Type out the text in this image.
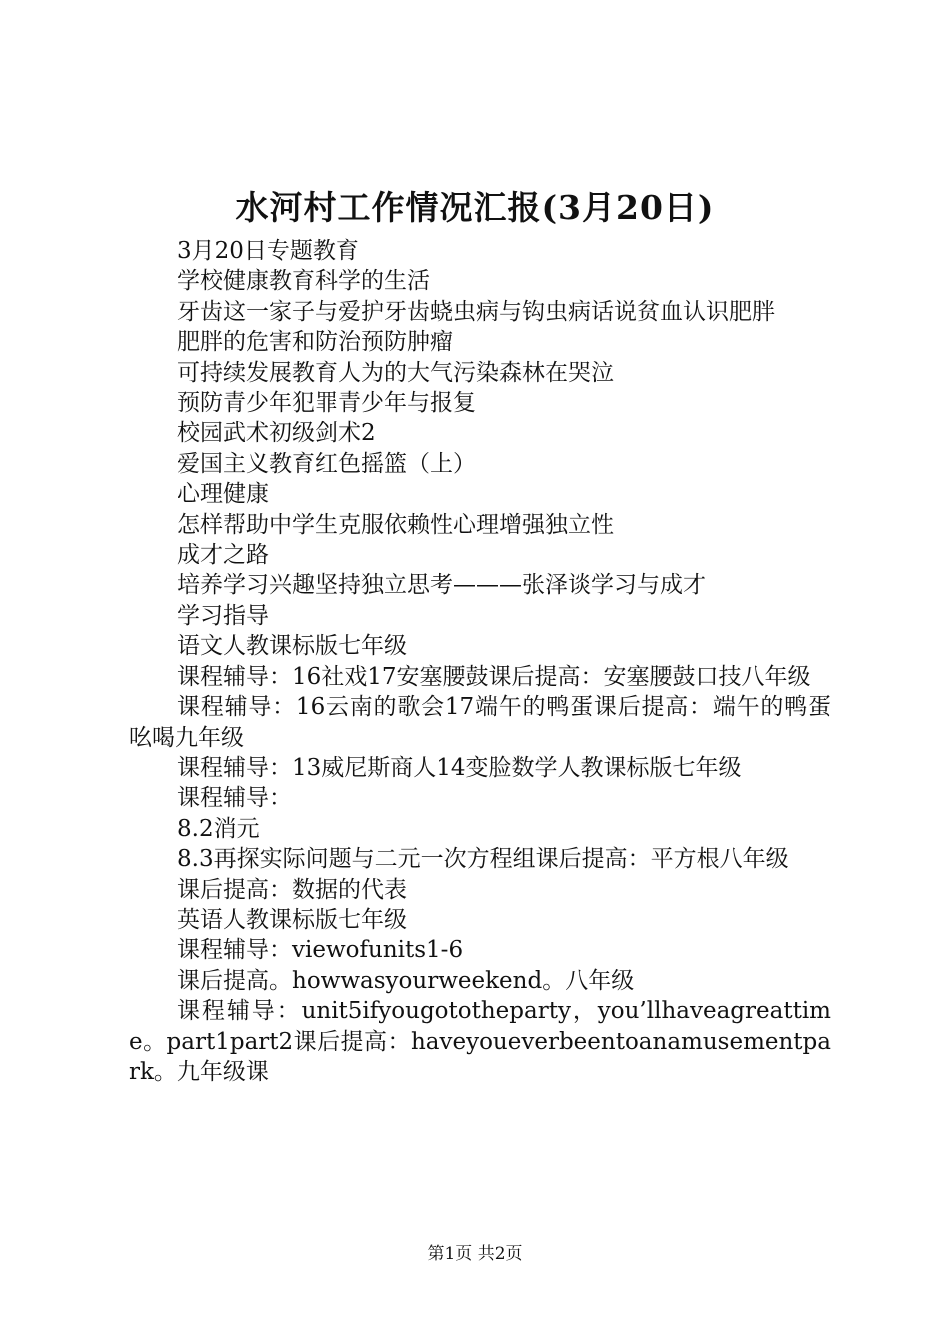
水河村工作情况汇报(3月20日)

3月20日专题教育

学校健康教育科学的生活

牙齿这一家子与爱护牙齿蛲虫病与钩虫病话说贫血认识肥胖

肥胖的危害和防治预防肿瘤

可持续发展教育人为的大气污染森林在哭泣

预防青少年犯罪青少年与报复

校园武术初级剑术2

爱国主义教育红色摇篮（上）

心理健康

怎样帮助中学生克服依赖性心理增强独立性

成才之路

培养学习兴趣坚持独立思考———张泽谈学习与成才

学习指导

语文人教课标版七年级

课程辅导：16社戏17安塞腰鼓课后提高：安塞腰鼓口技八年级

课程辅导：16云南的歌会17端午的鸭蛋课后提高：端午的鸭蛋吆喝九年级

课程辅导：13威尼斯商人14变脸数学人教课标版七年级

课程辅导：

8.2消元

8.3再探实际问题与二元一次方程组课后提高：平方根八年级

课后提高：数据的代表

英语人教课标版七年级

课程辅导：viewofunits1-6

课后提高。howwasyourweekend。八年级

课程辅导：unit5ifyougototheparty，you’llhaveagreattime。part1part2课后提高：haveyoueverbeentoanamusementpark。九年级课

第1页 共2页
